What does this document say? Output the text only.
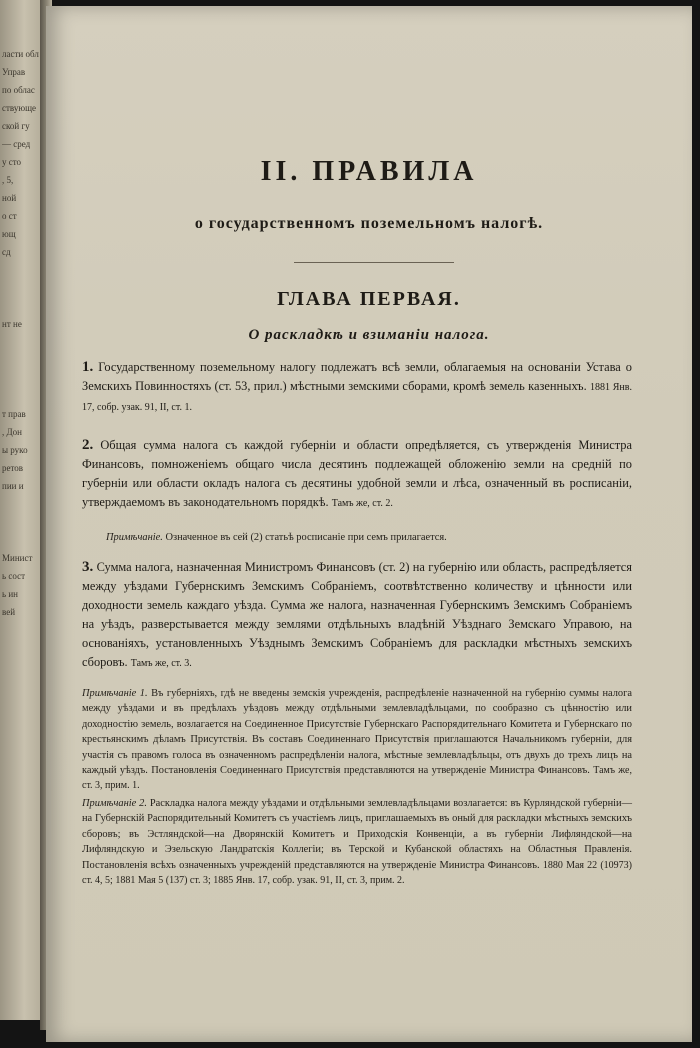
ласти обл
Управ
по облас
ствующе
ской гу
— сред
у сто
, 5,
ной
о ст
ющ
сд
нт не
т прав
, Дон
ы руко
ретов
пии и
Минист
ь сост
ь ин
вей
II. ПРАВИЛА
о государственномъ поземельномъ налогѣ.
ГЛАВА ПЕРВАЯ.
О раскладкѣ и взиманіи налога.
1. Государственному поземельному налогу подлежатъ всѣ земли, облагаемыя на основаніи Устава о Земскихъ Повинностяхъ (ст. 53, прил.) мѣстными земскими сборами, кромѣ земель казенныхъ. 1881 Янв. 17, собр. узак. 91, II, ст. 1.
2. Общая сумма налога съ каждой губерніи и области опредѣляется, съ утвержденія Министра Финансовъ, помноженіемъ общаго числа десятинъ подлежащей обложенію земли на средній по губерніи или области окладъ налога съ десятины удобной земли и лѣса, означенный въ росписаніи, утверждаемомъ въ законодательномъ порядкѣ. Тамъ же, ст. 2.
Примѣчаніе. Означенное въ сей (2) статьѣ росписаніе при семъ прилагается.
3. Сумма налога, назначенная Министромъ Финансовъ (ст. 2) на губернію или область, распредѣляется между уѣздами Губернскимъ Земскимъ Собраніемъ, соотвѣтственно количеству и цѣнности или доходности земель каждаго уѣзда. Сумма же налога, назначенная Губернскимъ Земскимъ Собраніемъ на уѣздъ, разверстывается между землями отдѣльныхъ владѣній Уѣзднаго Земскаго Управою, на основаніяхъ, установленныхъ Уѣзднымъ Земскимъ Собраніемъ для раскладки мѣстныхъ земскихъ сборовъ. Тамъ же, ст. 3.
Примѣчаніе 1. Въ губерніяхъ, гдѣ не введены земскія учрежденія, распредѣленіе назначенной на губернію суммы налога между уѣздами и въ предѣлахъ уѣздовъ между отдѣльными землевладѣльцами, по сообразно съ цѣнностію или доходностію земель, возлагается на Соединенное Присутствіе Губернскаго Распорядительнаго Комитета и Губернскаго по крестьянскимъ дѣламъ Присутствія. Въ составъ Соединеннаго Присутствія приглашаются Начальникомъ губерніи, для участія съ правомъ голоса въ означенномъ распредѣленіи налога, мѣстные землевладѣльцы, отъ двухъ до трехъ лицъ на каждый уѣздъ. Постановленія Соединеннаго Присутствія представляются на утвержденіе Министра Финансовъ. Тамъ же, ст. 3, прим. 1.
Примѣчаніе 2. Раскладка налога между уѣздами и отдѣльными землевладѣльцами возлагается: въ Курляндской губерніи—на Губернскій Распорядительный Комитетъ съ участіемъ лицъ, приглашаемыхъ въ оный для раскладки мѣстныхъ земскихъ сборовъ; въ Эстляндской—на Дворянскій Комитетъ и Приходскія Конвенціи, а въ губерніи Лифляндской—на Лифляндскую и Эзельскую Ландратскія Коллегіи; въ Терской и Кубанской областяхъ на Областныя Правленія. Постановленія всѣхъ означенныхъ учрежденій представляются на утвержденіе Министра Финансовъ. 1880 Мая 22 (10973) ст. 4, 5; 1881 Мая 5 (137) ст. 3; 1885 Янв. 17, собр. узак. 91, II, ст. 3, прим. 2.
